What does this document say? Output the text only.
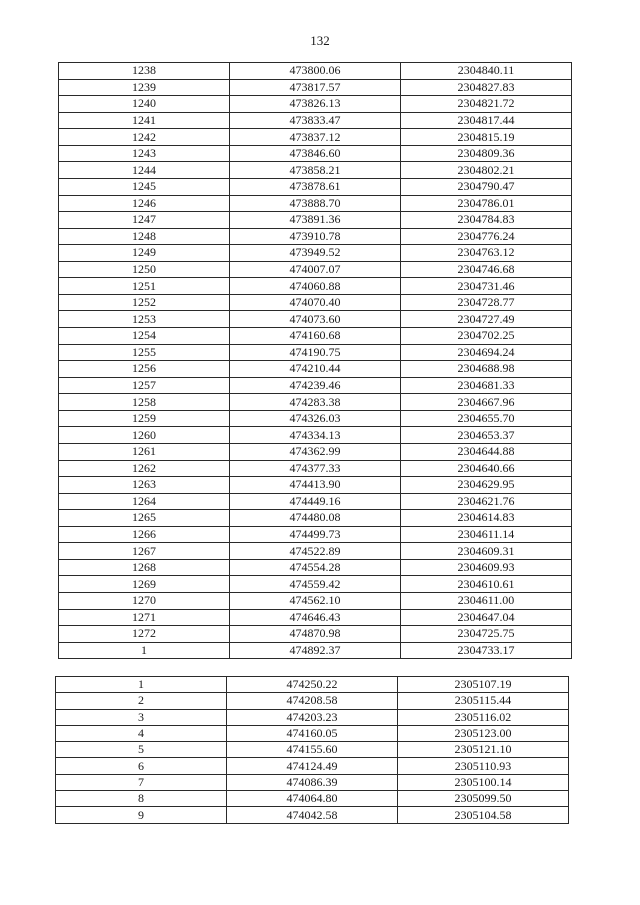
132
1238	473800.06	2304840.11
1239	473817.57	2304827.83
1240	473826.13	2304821.72
1241	473833.47	2304817.44
1242	473837.12	2304815.19
1243	473846.60	2304809.36
1244	473858.21	2304802.21
1245	473878.61	2304790.47
1246	473888.70	2304786.01
1247	473891.36	2304784.83
1248	473910.78	2304776.24
1249	473949.52	2304763.12
1250	474007.07	2304746.68
1251	474060.88	2304731.46
1252	474070.40	2304728.77
1253	474073.60	2304727.49
1254	474160.68	2304702.25
1255	474190.75	2304694.24
1256	474210.44	2304688.98
1257	474239.46	2304681.33
1258	474283.38	2304667.96
1259	474326.03	2304655.70
1260	474334.13	2304653.37
1261	474362.99	2304644.88
1262	474377.33	2304640.66
1263	474413.90	2304629.95
1264	474449.16	2304621.76
1265	474480.08	2304614.83
1266	474499.73	2304611.14
1267	474522.89	2304609.31
1268	474554.28	2304609.93
1269	474559.42	2304610.61
1270	474562.10	2304611.00
1271	474646.43	2304647.04
1272	474870.98	2304725.75
1	474892.37	2304733.17
1	474250.22	2305107.19
2	474208.58	2305115.44
3	474203.23	2305116.02
4	474160.05	2305123.00
5	474155.60	2305121.10
6	474124.49	2305110.93
7	474086.39	2305100.14
8	474064.80	2305099.50
9	474042.58	2305104.58
